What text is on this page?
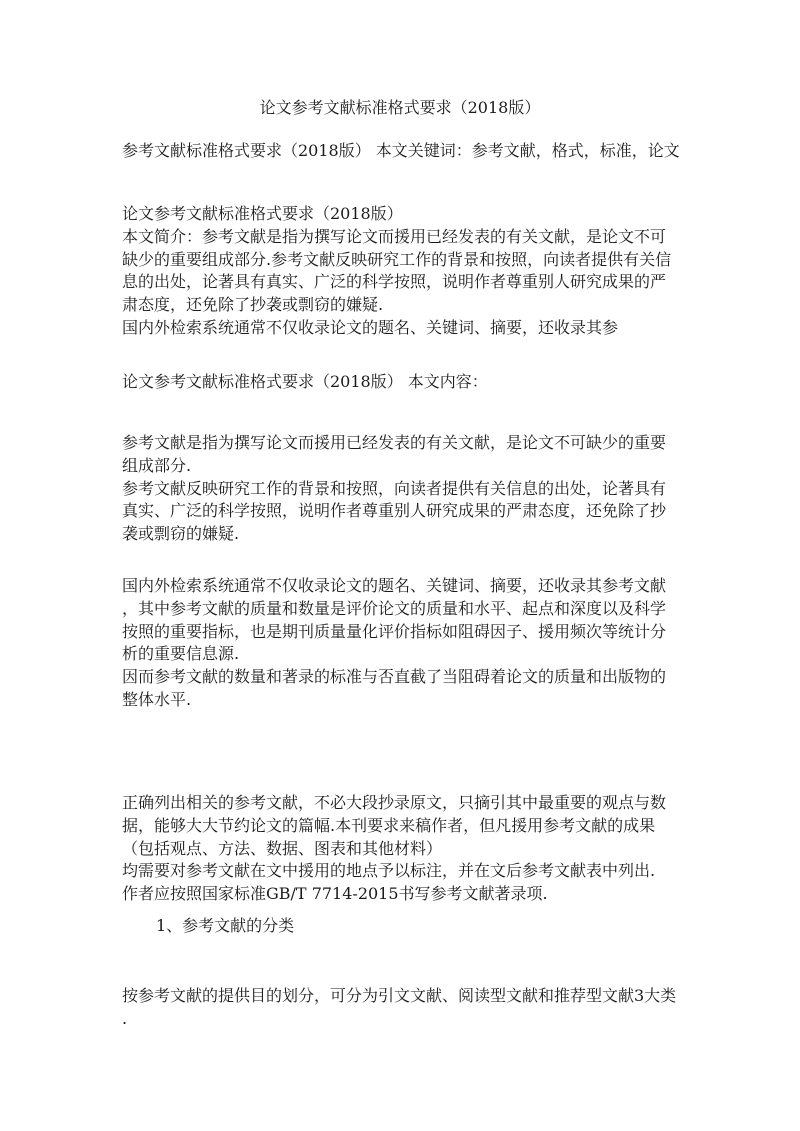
论文参考文献标准格式要求（2018版）
参考文献标准格式要求（2018版） 本文关键词：参考文献，格式，标准，论文
论文参考文献标准格式要求（2018版）
本文简介：参考文献是指为撰写论文而援用已经发表的有关文献，是论文不可
缺少的重要组成部分.参考文献反映研究工作的背景和按照，向读者提供有关信
息的出处，论著具有真实、广泛的科学按照，说明作者尊重别人研究成果的严
肃态度，还免除了抄袭或剽窃的嫌疑.
国内外检索系统通常不仅收录论文的题名、关键词、摘要，还收录其参
论文参考文献标准格式要求（2018版） 本文内容：
参考文献是指为撰写论文而援用已经发表的有关文献，是论文不可缺少的重要
组成部分.
参考文献反映研究工作的背景和按照，向读者提供有关信息的出处，论著具有
真实、广泛的科学按照，说明作者尊重别人研究成果的严肃态度，还免除了抄
袭或剽窃的嫌疑.
国内外检索系统通常不仅收录论文的题名、关键词、摘要，还收录其参考文献
，其中参考文献的质量和数量是评价论文的质量和水平、起点和深度以及科学
按照的重要指标，也是期刊质量量化评价指标如阻碍因子、援用频次等统计分
析的重要信息源.
因而参考文献的数量和著录的标准与否直截了当阻碍着论文的质量和出版物的
整体水平.
正确列出相关的参考文献，不必大段抄录原文，只摘引其中最重要的观点与数
据，能够大大节约论文的篇幅.本刊要求来稿作者，但凡援用参考文献的成果
（包括观点、方法、数据、图表和其他材料）
均需要对参考文献在文中援用的地点予以标注，并在文后参考文献表中列出.
作者应按照国家标准GB/T 7714-2015书写参考文献著录项.
1、参考文献的分类
按参考文献的提供目的划分，可分为引文文献、阅读型文献和推荐型文献3大类
.
